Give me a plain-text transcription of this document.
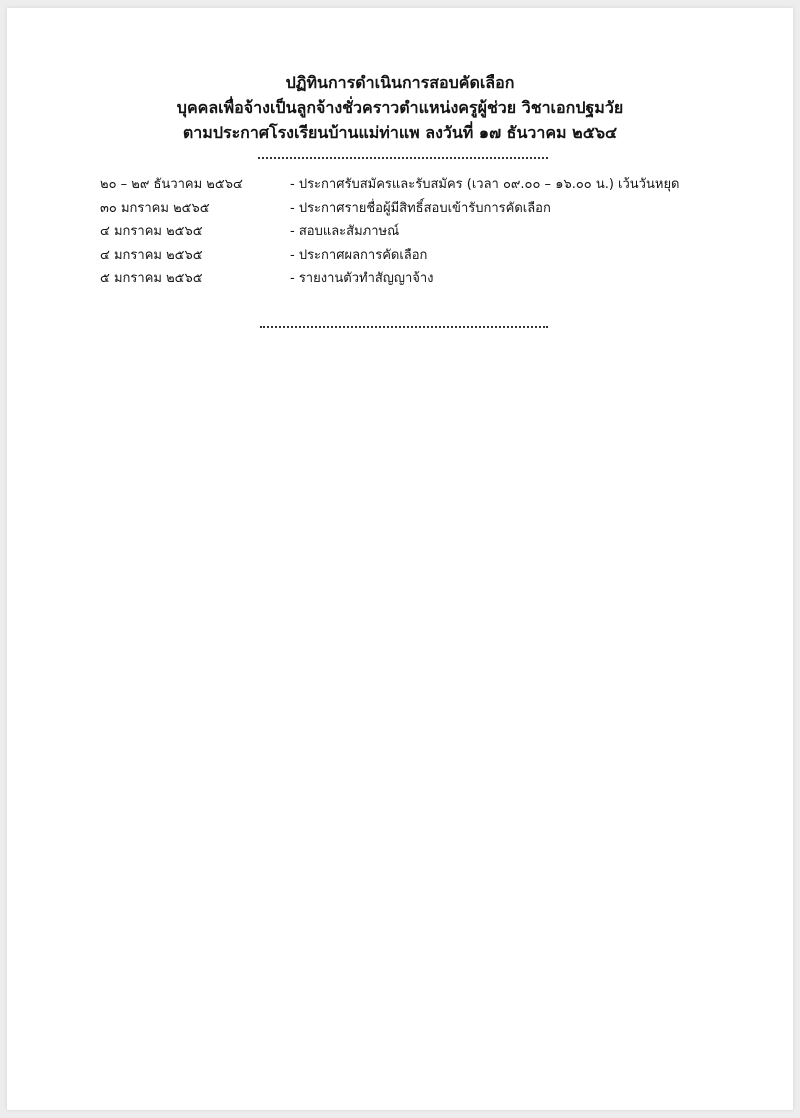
ปฏิทินการดำเนินการสอบคัดเลือก
บุคคลเพื่อจ้างเป็นลูกจ้างชั่วคราวตำแหน่งครูผู้ช่วย วิชาเอกปฐมวัย
ตามประกาศโรงเรียนบ้านแม่ท่าแพ ลงวันที่ ๑๗ ธันวาคม ๒๕๖๔
๒๐ – ๒๙ ธันวาคม ๒๕๖๔	- ประกาศรับสมัครและรับสมัคร (เวลา ๐๙.๐๐ – ๑๖.๐๐ น.) เว้นวันหยุด
๓๐ มกราคม ๒๕๖๕	- ประกาศรายชื่อผู้มีสิทธิ์สอบเข้ารับการคัดเลือก
๔ มกราคม ๒๕๖๕	- สอบและสัมภาษณ์
๔ มกราคม ๒๕๖๕	- ประกาศผลการคัดเลือก
๕ มกราคม ๒๕๖๕	- รายงานตัวทำสัญญาจ้าง
